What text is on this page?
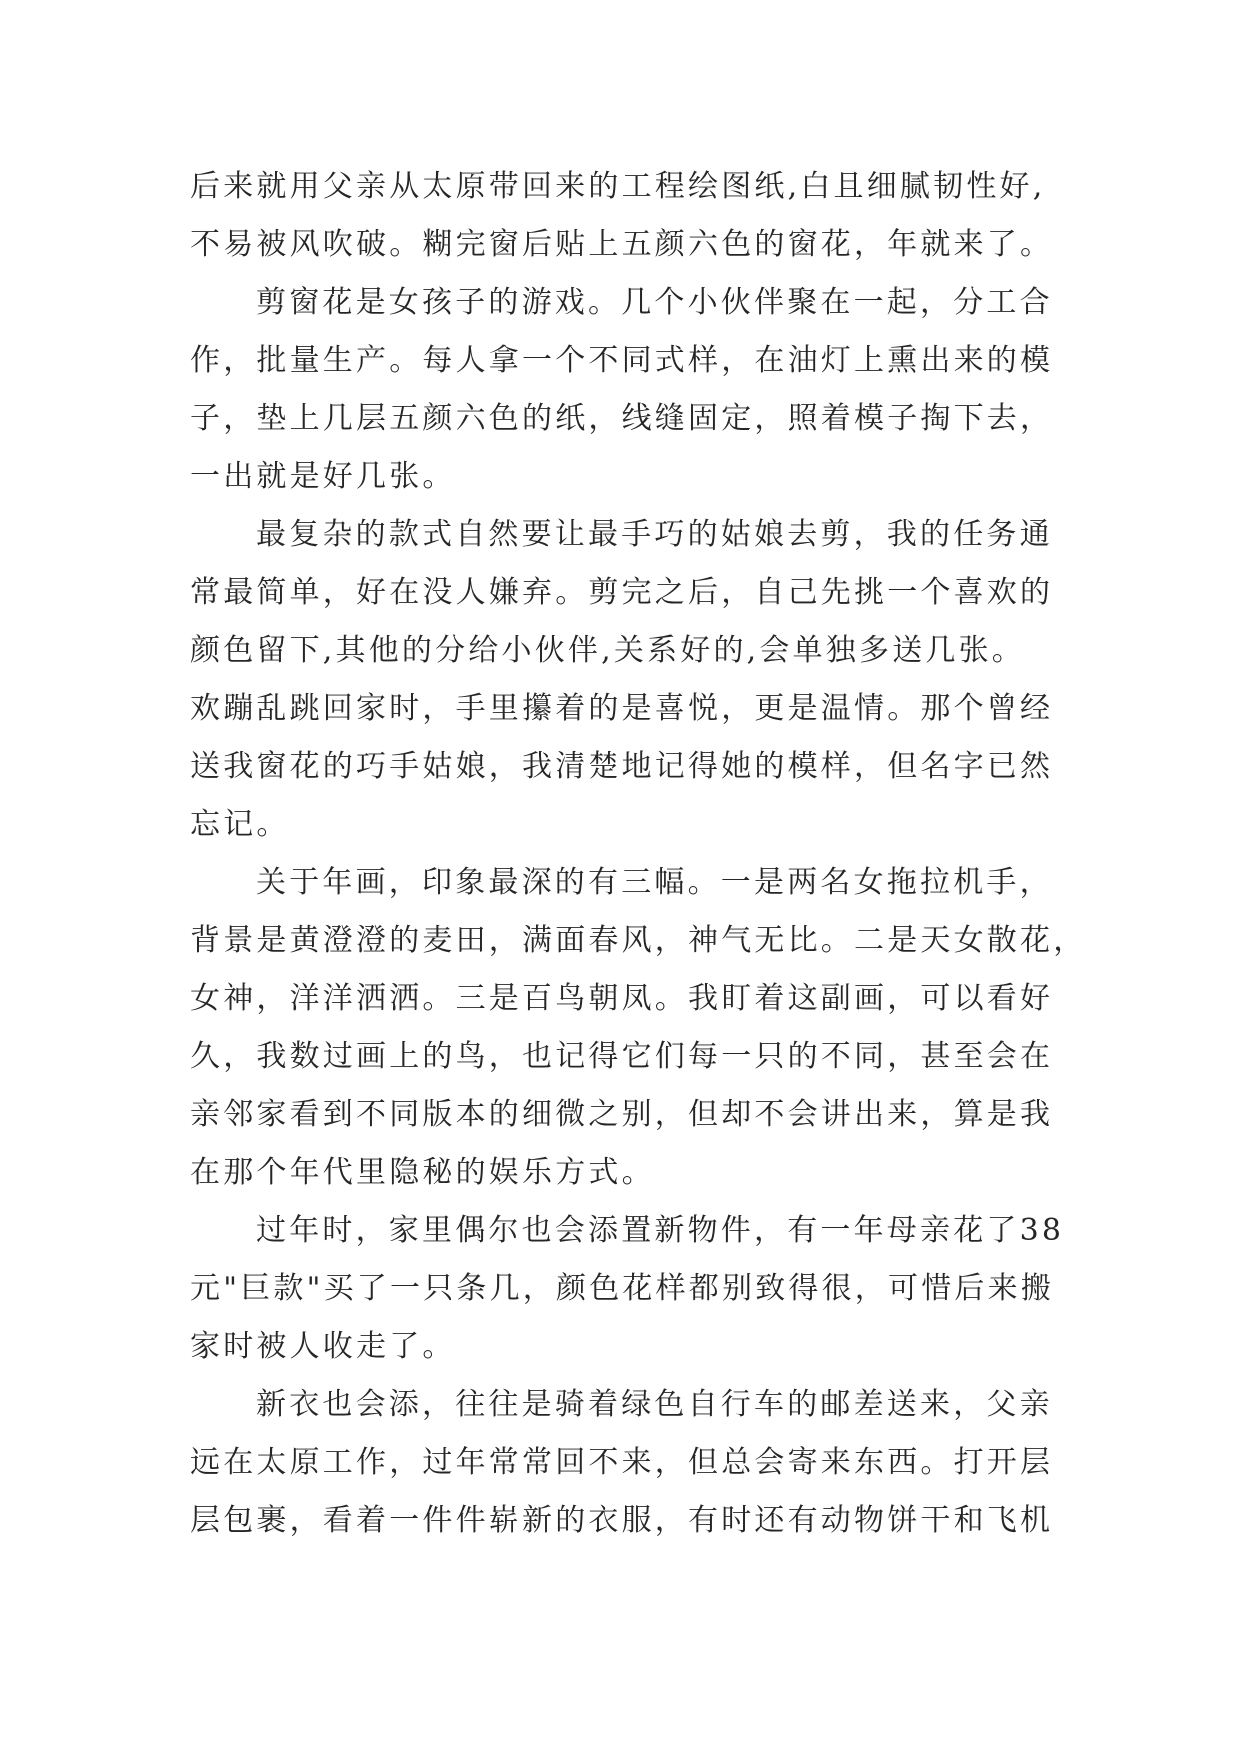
后来就用父亲从太原带回来的工程绘图纸,白且细腻韧性好,
不易被风吹破。糊完窗后贴上五颜六色的窗花，年就来了。
剪窗花是女孩子的游戏。几个小伙伴聚在一起，分工合
作，批量生产。每人拿一个不同式样，在油灯上熏出来的模
子，垫上几层五颜六色的纸，线缝固定，照着模子掏下去，
一出就是好几张。
最复杂的款式自然要让最手巧的姑娘去剪，我的任务通
常最简单，好在没人嫌弃。剪完之后，自己先挑一个喜欢的
颜色留下,其他的分给小伙伴,关系好的,会单独多送几张。
欢蹦乱跳回家时，手里攥着的是喜悦，更是温情。那个曾经
送我窗花的巧手姑娘，我清楚地记得她的模样，但名字已然
忘记。
关于年画，印象最深的有三幅。一是两名女拖拉机手，
背景是黄澄澄的麦田，满面春风，神气无比。二是天女散花，
女神，洋洋洒洒。三是百鸟朝凤。我盯着这副画，可以看好
久，我数过画上的鸟，也记得它们每一只的不同，甚至会在
亲邻家看到不同版本的细微之别，但却不会讲出来，算是我
在那个年代里隐秘的娱乐方式。
过年时，家里偶尔也会添置新物件，有一年母亲花了38
元"巨款"买了一只条几，颜色花样都别致得很，可惜后来搬
家时被人收走了。
新衣也会添，往往是骑着绿色自行车的邮差送来，父亲
远在太原工作，过年常常回不来，但总会寄来东西。打开层
层包裹，看着一件件崭新的衣服，有时还有动物饼干和飞机
